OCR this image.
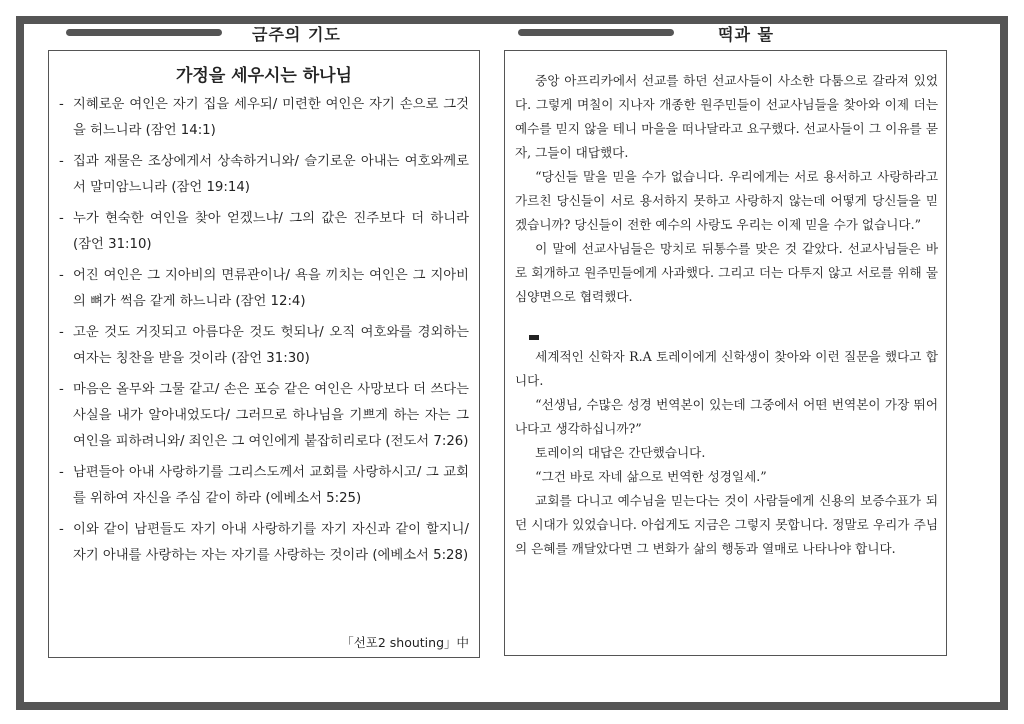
금주의 기도	떡과 물
가정을 세우시는 하나님
- 지혜로운 여인은 자기 집을 세우되/ 미련한 여인은 자기 손으로 그것을 허느니라 (잠언 14:1)
- 집과 재물은 조상에게서 상속하거니와/ 슬기로운 아내는 여호와께로서 말미암느니라 (잠언 19:14)
- 누가 현숙한 여인을 찾아 얻겠느냐/ 그의 값은 진주보다 더 하니라 (잠언 31:10)
- 어진 여인은 그 지아비의 면류관이나/ 욕을 끼치는 여인은 그 지아비의 뼈가 썩음 같게 하느니라 (잠언 12:4)
- 고운 것도 거짓되고 아름다운 것도 헛되나/ 오직 여호와를 경외하는 여자는 칭찬을 받을 것이라 (잠언 31:30)
- 마음은 올무와 그물 같고/ 손은 포승 같은 여인은 사망보다 더 쓰다는 사실을 내가 알아내었도다/ 그러므로 하나님을 기쁘게 하는 자는 그 여인을 피하려니와/ 죄인은 그 여인에게 붙잡히리로다 (전도서 7:26)
- 남편들아 아내 사랑하기를 그리스도께서 교회를 사랑하시고/ 그 교회를 위하여 자신을 주심 같이 하라 (에베소서 5:25)
- 이와 같이 남편들도 자기 아내 사랑하기를 자기 자신과 같이 할지니/ 자기 아내를 사랑하는 자는 자기를 사랑하는 것이라 (에베소서 5:28)
「선포2 shouting」中

중앙 아프리카에서 선교를 하던 선교사들이 사소한 다툼으로 갈라져 있었다. 그렇게 며칠이 지나자 개종한 원주민들이 선교사님들을 찾아와 이제 더는 예수를 믿지 않을 테니 마을을 떠나달라고 요구했다. 선교사들이 그 이유를 묻자, 그들이 대답했다.

“당신들 말을 믿을 수가 없습니다. 우리에게는 서로 용서하고 사랑하라고 가르친 당신들이 서로 용서하지 못하고 사랑하지 않는데 어떻게 당신들을 믿겠습니까? 당신들이 전한 예수의 사랑도 우리는 이제 믿을 수가 없습니다.”

이 말에 선교사님들은 망치로 뒤통수를 맞은 것 같았다. 선교사님들은 바로 회개하고 원주민들에게 사과했다. 그리고 더는 다투지 않고 서로를 위해 물심양면으로 협력했다.

세계적인 신학자 R.A 토레이에게 신학생이 찾아와 이런 질문을 했다고 합니다.

“선생님, 수많은 성경 번역본이 있는데 그중에서 어떤 번역본이 가장 뛰어나다고 생각하십니까?”

토레이의 대답은 간단했습니다.

“그건 바로 자네 삶으로 번역한 성경일세.”

교회를 다니고 예수님을 믿는다는 것이 사람들에게 신용의 보증수표가 되던 시대가 있었습니다. 아쉽게도 지금은 그렇지 못합니다. 정말로 우리가 주님의 은혜를 깨달았다면 그 변화가 삶의 행동과 열매로 나타나야 합니다.
